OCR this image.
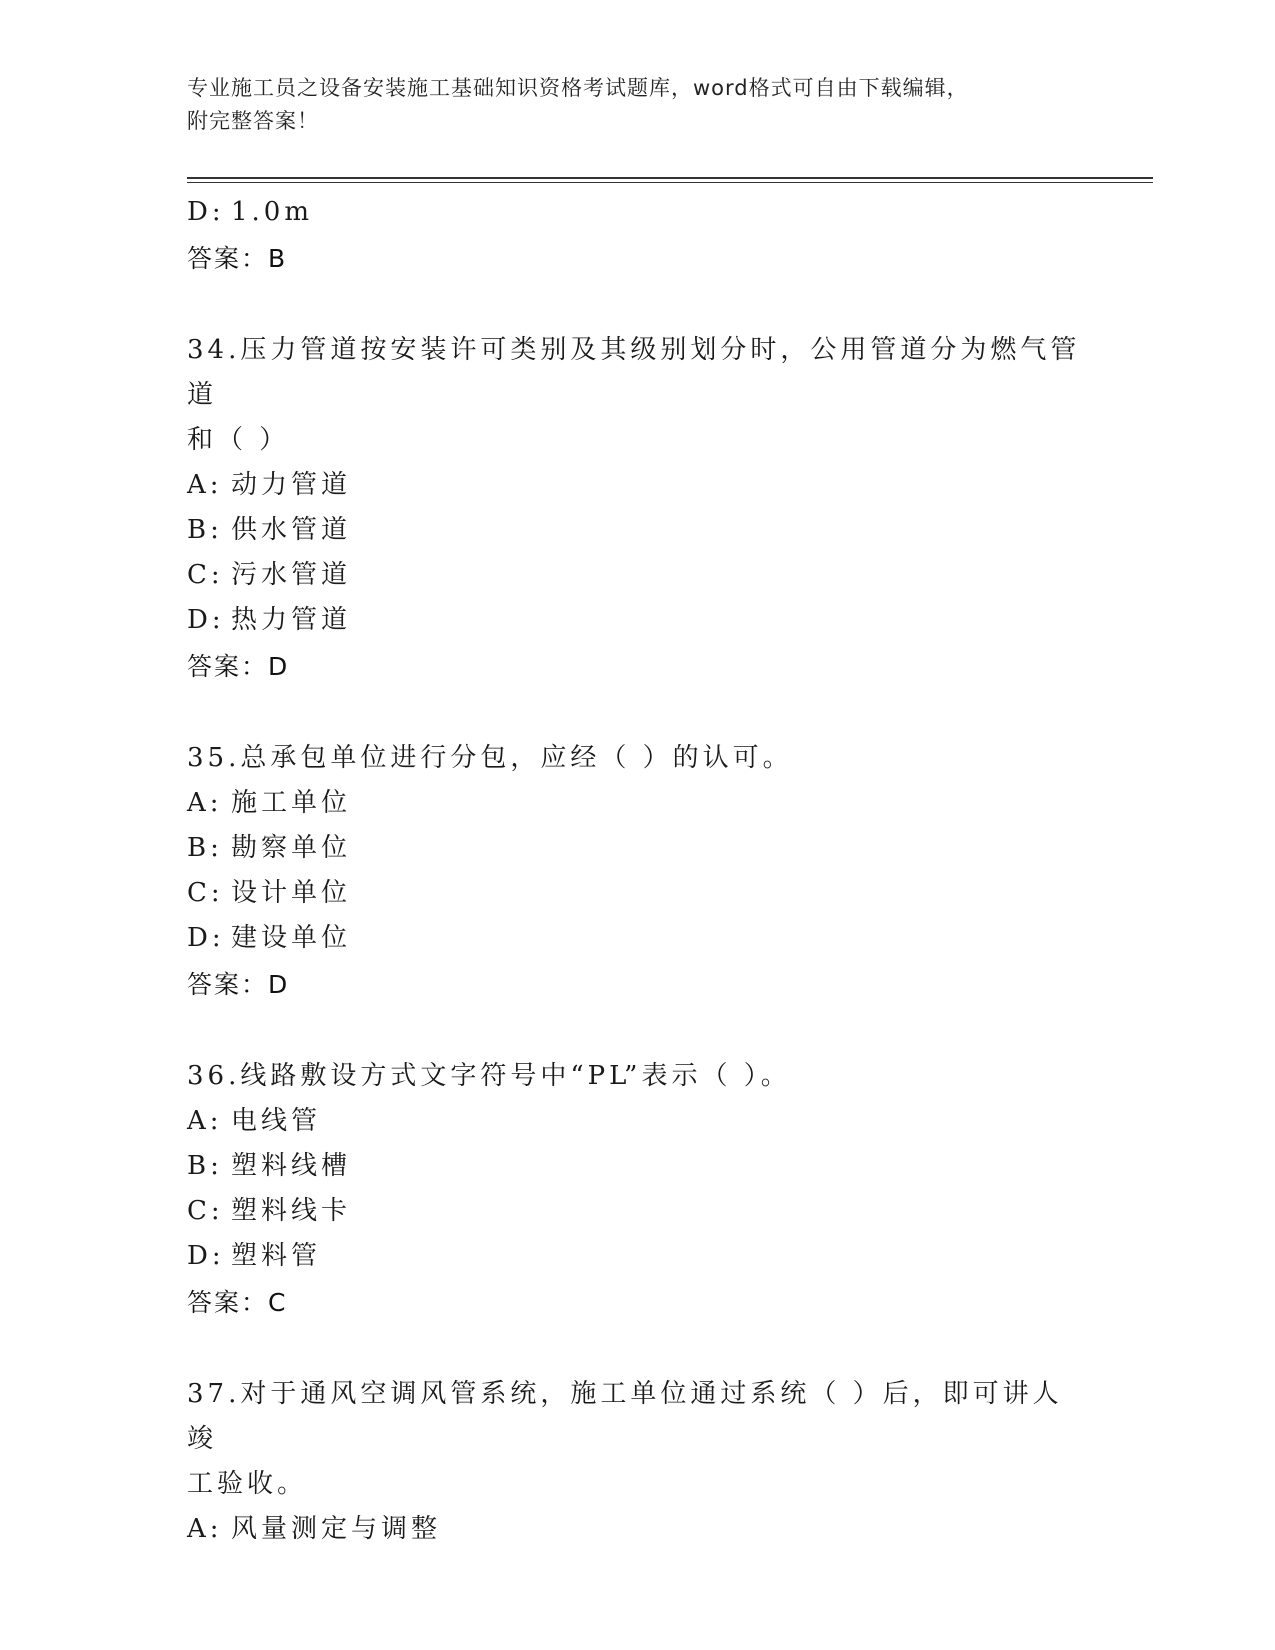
专业施工员之设备安装施工基础知识资格考试题库，word格式可自由下载编辑，
附完整答案！
D: 1.0m
答案：B
34.压力管道按安装许可类别及其级别划分时，公用管道分为燃气管道
和（ ）
A: 动力管道
B: 供水管道
C: 污水管道
D: 热力管道
答案：D
35.总承包单位进行分包，应经（ ）的认可。
A: 施工单位
B: 勘察单位
C: 设计单位
D: 建设单位
答案：D
36.线路敷设方式文字符号中“PL”表示（ ）。
A: 电线管
B: 塑料线槽
C: 塑料线卡
D: 塑料管
答案：C
37.对于通风空调风管系统，施工单位通过系统（ ）后，即可讲人竣
工验收。
A: 风量测定与调整
